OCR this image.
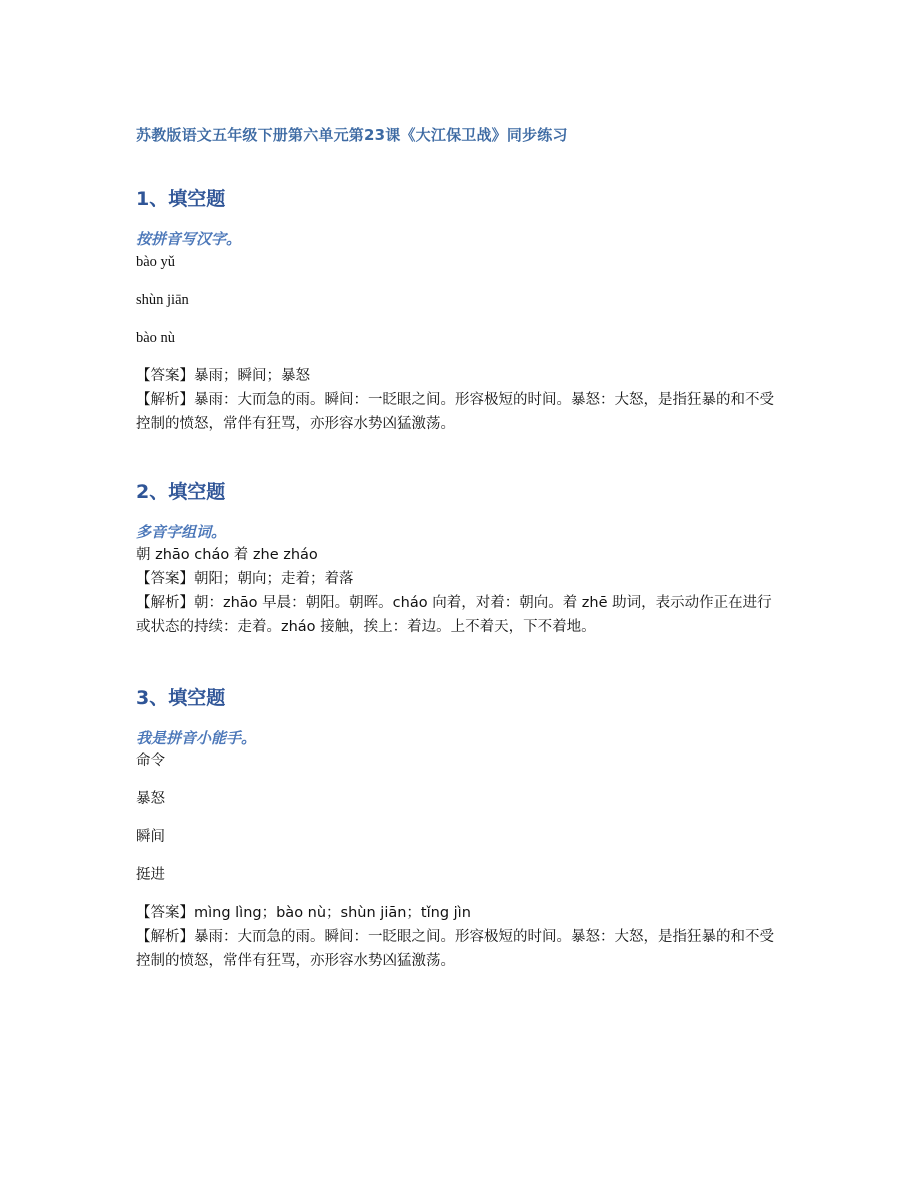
苏教版语文五年级下册第六单元第23课《大江保卫战》同步练习
1、填空题
按拼音写汉字。
bào yǔ
shùn jiān
bào nù
【答案】暴雨；瞬间；暴怒
【解析】暴雨：大而急的雨。瞬间：一眨眼之间。形容极短的时间。暴怒：大怒，是指狂暴的和不受控制的愤怒，常伴有狂骂，亦形容水势凶猛激荡。
2、填空题
多音字组词。
朝 zhāo cháo 着 zhe zháo
【答案】朝阳；朝向；走着；着落
【解析】朝：zhāo 早晨：朝阳。朝晖。cháo 向着，对着：朝向。着 zhē 助词，表示动作正在进行或状态的持续：走着。zháo 接触，挨上：着边。上不着天，下不着地。
3、填空题
我是拼音小能手。
命令
暴怒
瞬间
挺进
【答案】mìng lìng；bào nù；shùn jiān；tǐng jìn
【解析】暴雨：大而急的雨。瞬间：一眨眼之间。形容极短的时间。暴怒：大怒，是指狂暴的和不受控制的愤怒，常伴有狂骂，亦形容水势凶猛激荡。
